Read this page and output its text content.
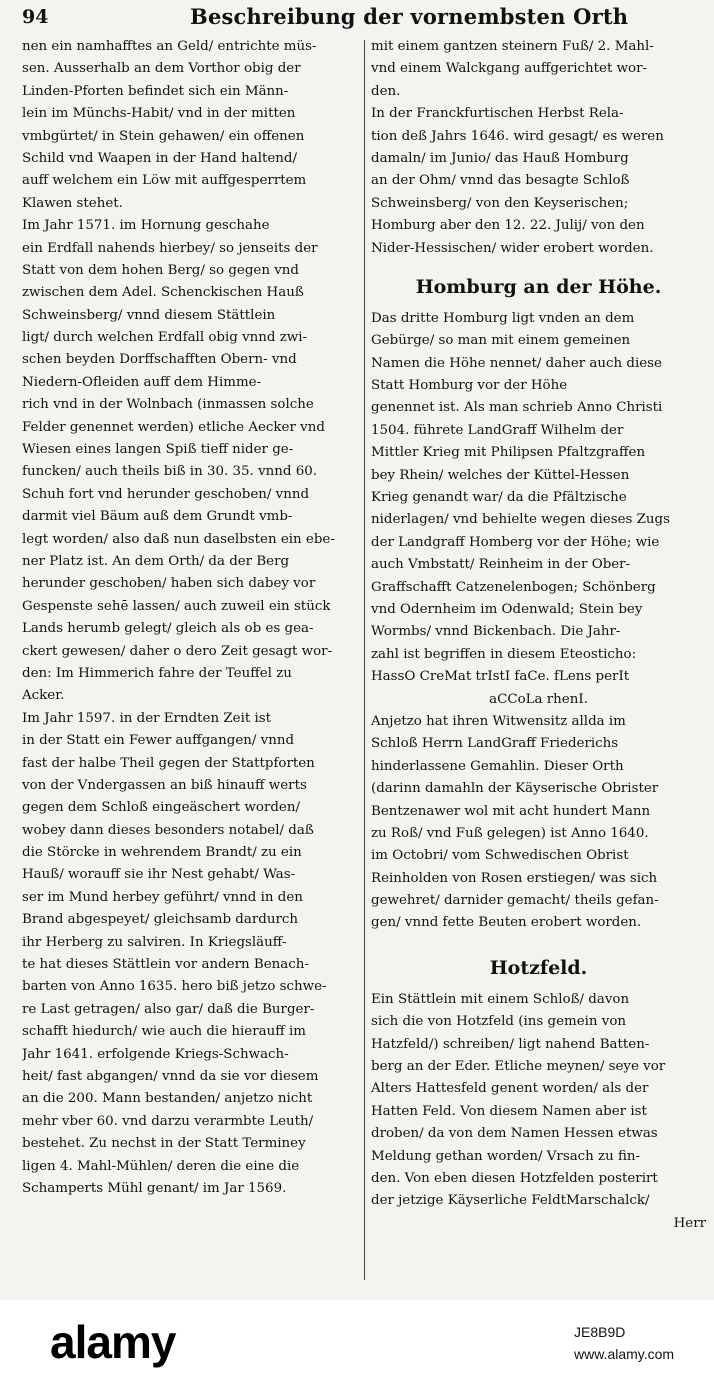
94	Beschreibung der vornembsten Orth
nen ein namhafftes an Geld/ entrichte müs-
sen. Ausserhalb an dem Vorthor obig der
Linden-Pforten befindet sich ein Männ-
lein im Münchs-Habit/ vnd in der mitten
vmbgürtet/ in Stein gehawen/ ein offenen
Schild vnd Waapen in der Hand haltend/
auff welchem ein Löw mit auffgesperrtem
Klawen stehet.
Im Jahr 1571. im Hornung geschahe
ein Erdfall nahends hierbey/ so jenseits der
Statt von dem hohen Berg/ so gegen vnd
zwischen dem Adel. Schenckischen Hauß
Schweinsberg/ vnnd diesem Stättlein
ligt/ durch welchen Erdfall obig vnnd zwi-
schen beyden Dorffschafften Obern- vnd
Niedern-Ofleiden auff dem Himme-
rich vnd in der Wolnbach (inmassen solche
Felder genennet werden) etliche Aecker vnd
Wiesen eines langen Spiß tieff nider ge-
funcken/ auch theils biß in 30. 35. vnnd 60.
Schuh fort vnd herunder geschoben/ vnnd
darmit viel Bäum auß dem Grundt vmb-
legt worden/ also daß nun daselbsten ein ebe-
ner Platz ist. An dem Orth/ da der Berg
herunder geschoben/ haben sich dabey vor
Gespenste sehē lassen/ auch zuweil ein stück
Lands herumb gelegt/ gleich als ob es gea-
ckert gewesen/ daher o dero Zeit gesagt wor-
den: Im Himmerich fahre der Teuffel zu
Acker.
Im Jahr 1597. in der Erndten Zeit ist
in der Statt ein Fewer auffgangen/ vnnd
fast der halbe Theil gegen der Stattpforten
von der Vndergassen an biß hinauff werts
gegen dem Schloß eingeäschert worden/
wobey dann dieses besonders notabel/ daß
die Störcke in wehrendem Brandt/ zu ein
Hauß/ worauff sie ihr Nest gehabt/ Was-
ser im Mund herbey geführt/ vnnd in den
Brand abgespeyet/ gleichsamb dardurch
ihr Herberg zu salviren. In Kriegsläuff-
te hat dieses Stättlein vor andern Benach-
barten von Anno 1635. hero biß jetzo schwe-
re Last getragen/ also gar/ daß die Burger-
schafft hiedurch/ wie auch die hierauff im
Jahr 1641. erfolgende Kriegs-Schwach-
heit/ fast abgangen/ vnnd da sie vor diesem
an die 200. Mann bestanden/ anjetzo nicht
mehr vber 60. vnd darzu verarmbte Leuth/
bestehet. Zu nechst in der Statt Terminey
ligen 4. Mahl-Mühlen/ deren die eine die
Schamperts Mühl genant/ im Jar 1569.
mit einem gantzen steinern Fuß/ 2. Mahl-
vnd einem Walckgang auffgerichtet wor-
den.
In der Franckfurtischen Herbst Rela-
tion deß Jahrs 1646. wird gesagt/ es weren
damaln/ im Junio/ das Hauß Homburg
an der Ohm/ vnnd das besagte Schloß
Schweinsberg/ von den Keyserischen;
Homburg aber den 12. 22. Julij/ von den
Nider-Hessischen/ wider erobert worden.
Homburg an der Höhe.
Das dritte Homburg ligt vnden an dem
Gebürge/ so man mit einem gemeinen
Namen die Höhe nennet/ daher auch diese
Statt Homburg vor der Höhe
genennet ist. Als man schrieb Anno Christi
1504. führete LandGraff Wilhelm der
Mittler Krieg mit Philipsen Pfaltzgraffen
bey Rhein/ welches der Küttel-Hessen
Krieg genandt war/ da die Pfältzische
niderlagen/ vnd behielte wegen dieses Zugs
der Landgraff Homberg vor der Höhe; wie
auch Vmbstatt/ Reinheim in der Ober-
Graffschafft Catzenelenbogen; Schönberg
vnd Odernheim im Odenwald; Stein bey
Wormbs/ vnnd Bickenbach. Die Jahr-
zahl ist begriffen in diesem Eteosticho:
HassO CreMat trIstI faCe. fLens perIt
aCCoLa rhenI.
Anjetzo hat ihren Witwensitz allda im
Schloß Herrn LandGraff Friederichs
hinderlassene Gemahlin. Dieser Orth
(darinn damahln der Käyserische Obrister
Bentzenawer wol mit acht hundert Mann
zu Roß/ vnd Fuß gelegen) ist Anno 1640.
im Octobri/ vom Schwedischen Obrist
Reinholden von Rosen erstiegen/ was sich
gewehret/ darnider gemacht/ theils gefan-
gen/ vnnd fette Beuten erobert worden.
Hotzfeld.
Ein Stättlein mit einem Schloß/ davon
sich die von Hotzfeld (ins gemein von
Hatzfeld/) schreiben/ ligt nahend Batten-
berg an der Eder. Etliche meynen/ seye vor
Alters Hattesfeld genent worden/ als der
Hatten Feld. Von diesem Namen aber ist
droben/ da von dem Namen Hessen etwas
Meldung gethan worden/ Vrsach zu fin-
den. Von eben diesen Hotzfelden posterirt
der jetzige Käyserliche FeldtMarschalck/
Herr
alamy	JE8B9D
www.alamy.com
